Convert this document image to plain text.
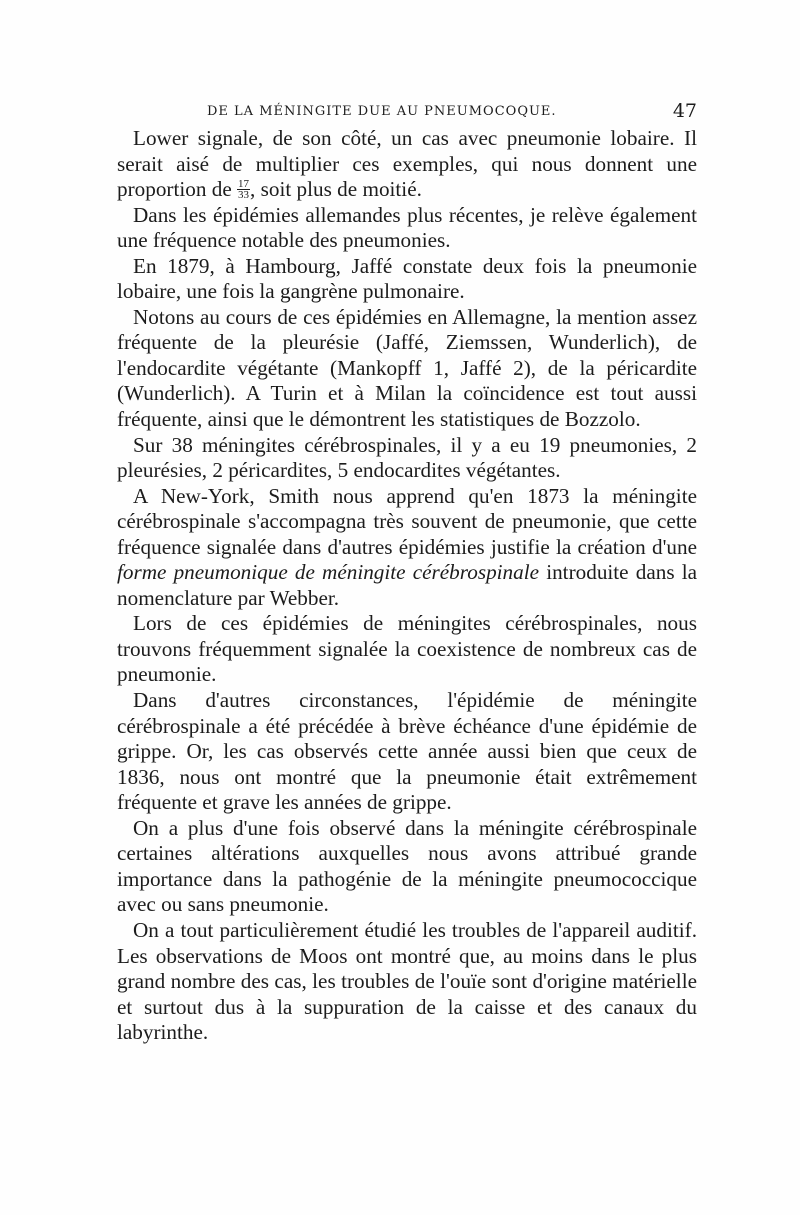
DE LA MÉNINGITE DUE AU PNEUMOCOQUE.	47

Lower signale, de son côté, un cas avec pneumonie lobaire. Il serait aisé de multiplier ces exemples, qui nous donnent une proportion de $\frac{17}{33}$ , soit plus de moitié.

Dans les épidémies allemandes plus récentes, je relève également une fréquence notable des pneumonies.

En 1879, à Hambourg, Jaffé constate deux fois la pneumonie lobaire, une fois la gangrène pulmonaire.

Notons au cours de ces épidémies en Allemagne, la mention assez fréquente de la pleurésie (Jaffé, Ziemssen, Wunderlich), de l'endocardite végétante (Mankopff 1, Jaffé 2), de la péricardite (Wunderlich). A Turin et à Milan la coïncidence est tout aussi fréquente, ainsi que le démontrent les statistiques de Bozzolo.

Sur 38 méningites cérébrospinales, il y a eu 19 pneumonies, 2 pleurésies, 2 péricardites, 5 endocardites végétantes.

A New-York, Smith nous apprend qu'en 1873 la méningite cérébrospinale s'accompagna très souvent de pneumonie, que cette fréquence signalée dans d'autres épidémies justifie la création d'une forme pneumonique de méningite cérébrospinale introduite dans la nomenclature par Webber.

Lors de ces épidémies de méningites cérébrospinales, nous trouvons fréquemment signalée la coexistence de nombreux cas de pneumonie.

Dans d'autres circonstances, l'épidémie de méningite cérébrospinale a été précédée à brève échéance d'une épidémie de grippe. Or, les cas observés cette année aussi bien que ceux de 1836, nous ont montré que la pneumonie était extrêmement fréquente et grave les années de grippe.

On a plus d'une fois observé dans la méningite cérébrospinale certaines altérations auxquelles nous avons attribué grande importance dans la pathogénie de la méningite pneumococcique avec ou sans pneumonie.

On a tout particulièrement étudié les troubles de l'appareil auditif. Les observations de Moos ont montré que, au moins dans le plus grand nombre des cas, les troubles de l'ouïe sont d'origine matérielle et surtout dus à la suppuration de la caisse et des canaux du labyrinthe.
